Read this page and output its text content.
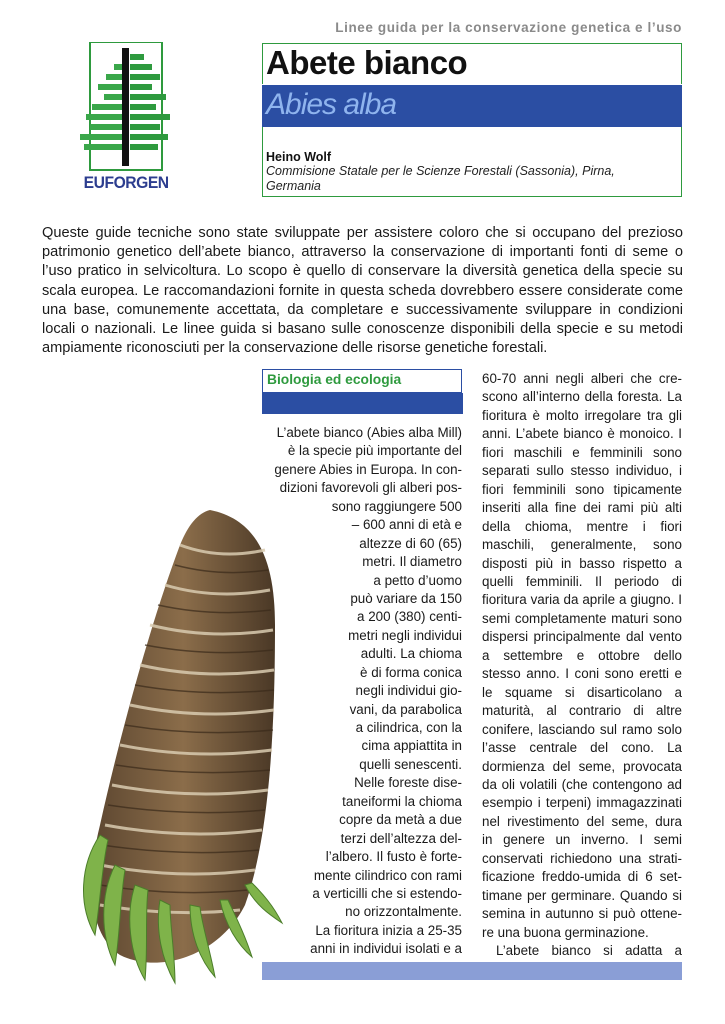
Linee guida per la conservazione genetica e l’uso
EUFORGEN
Abete bianco
Abies alba
Heino Wolf
Commisione Statale per le Scienze Forestali (Sassonia), Pirna, Germania
Queste guide tecniche sono state sviluppate per assistere coloro che si occupano del prezioso patrimonio genetico dell’abete bianco, attraverso la conservazione di importanti fonti di seme o l’uso pratico in selvicoltura. Lo scopo è quello di conservare la diversità genetica della specie su scala europea. Le raccomandazioni fornite in questa scheda dovrebbero essere considerate come una base, comunemente accettata, da completare e successivamente sviluppare in condizioni locali o nazionali. Le linee guida si basano sulle conoscenze disponibili della specie e su metodi ampiamente riconosciuti per la conservazione delle risorse genetiche forestali.
Biologia ed ecologia
L’abete bianco (Abies alba Mill)
è la specie più importante del
genere Abies in Europa. In con-
dizioni favorevoli gli alberi pos-
sono raggiungere 500
– 600 anni di età e
altezze di 60 (65)
metri. Il diametro
a petto d’uomo
può variare da 150
a 200 (380) centi-
metri negli individui
adulti. La chioma
è di forma conica
negli individui gio-
vani, da parabolica
a cilindrica, con la
cima appiattita in
quelli senescenti.
Nelle foreste dise-
taneiformi la chioma
copre da metà a due
terzi dell’altezza del-
l’albero. Il fusto è forte-
mente cilindrico con rami
a verticilli che si estendo-
no orizzontalmente.
La fioritura inizia a 25-35
anni in individui isolati e a
60-70 anni negli alberi che crescono all’interno della foresta. La fioritura è molto irregolare tra gli anni. L’abete bianco è monoico. I fiori maschili e femminili sono separati sullo stesso individuo, i fiori femminili sono tipicamente inseriti alla fine dei rami più alti della chioma, mentre i fiori maschili, generalmente, sono disposti più in basso rispetto a quelli femminili. Il periodo di fioritura varia da aprile a giugno. I semi completamente maturi sono dispersi principalmente dal vento a settembre e ottobre dello stesso anno. I coni sono eretti e le squame si disarticolano a maturità, al contrario di altre conifere, lasciando sul ramo solo l’asse centrale del cono. La dormienza del seme, provocata da oli volatili (che contengono ad esempio i terpeni) immagazzinati nel rivestimento del seme, dura in genere un inverno. I semi conservati richiedono una stratificazione freddo-umida di 6 settimane per germinare. Quando si semina in autunno si può ottenere una buona germinazione.
L’abete bianco si adatta a
